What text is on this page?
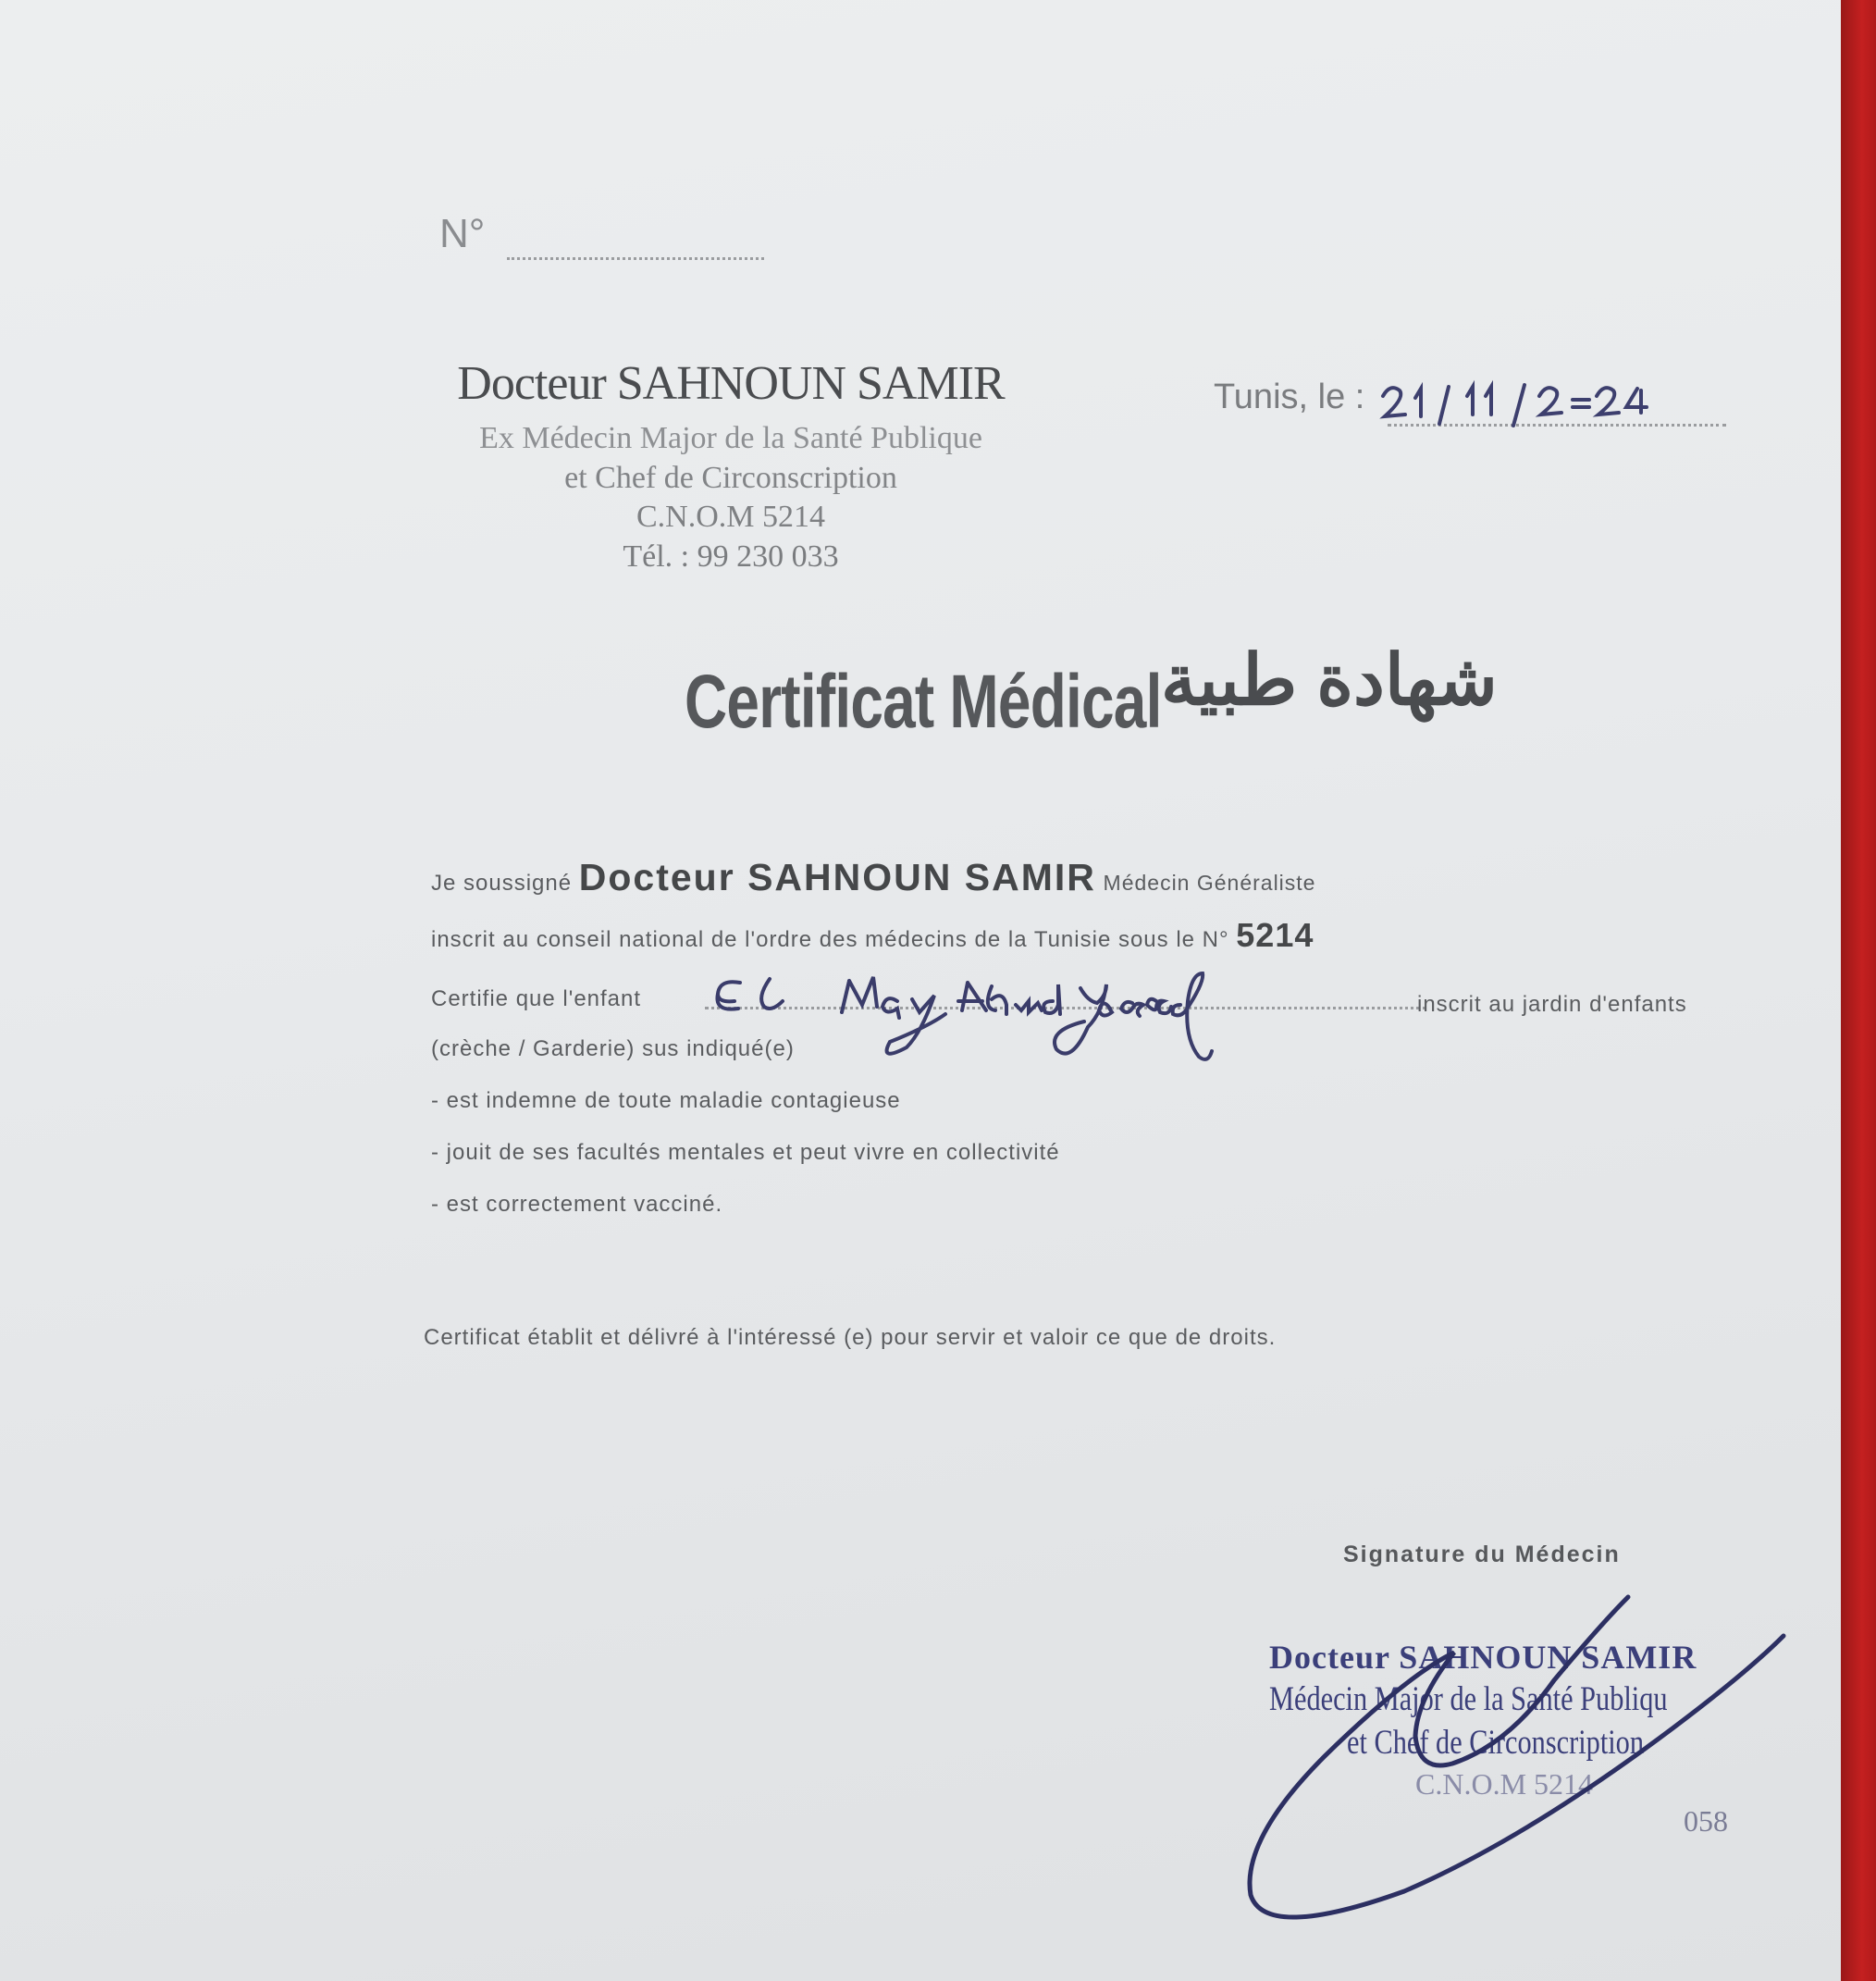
N°
Docteur SAHNOUN SAMIR
Ex Médecin Major de la Santé Publique
et Chef de Circonscription
C.N.O.M 5214
Tél. : 99 230 033
Tunis, le :
Certificat Médical شهادة طبية
Je soussigné Docteur SAHNOUN SAMIR Médecin Généraliste
inscrit au conseil national de l'ordre des médecins de la Tunisie sous le N° 5214
Certifie que l'enfant	inscrit au jardin d'enfants
(crèche / Garderie) sus indiqué(e)
- est indemne de toute maladie contagieuse
- jouit de ses facultés mentales et peut vivre en collectivité
- est correctement vacciné.
Certificat établit et délivré à l'intéressé (e) pour servir et valoir ce que de droits.
Signature du Médecin
Docteur SAHNOUN SAMIR
Médecin Major de la Santé Publiqu
et Chef de Circonscription
C.N.O.M 5214
058
